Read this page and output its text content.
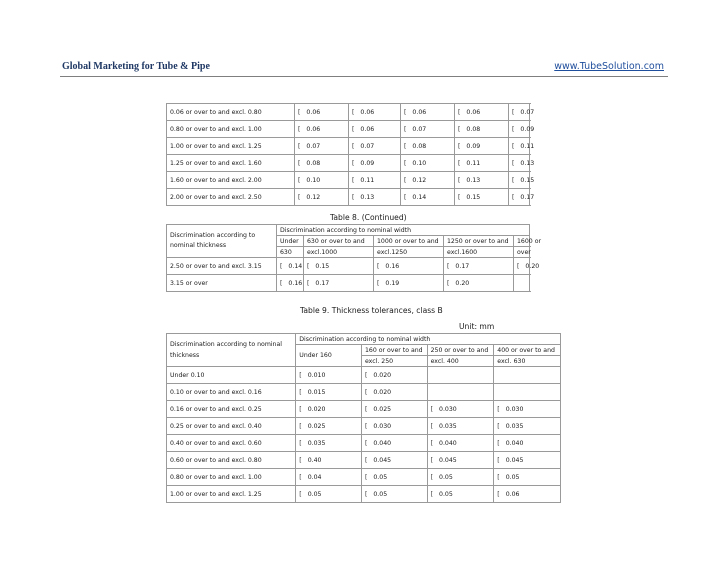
Global Marketing for Tube & Pipe	www.TubeSolution.com
0.06 or over to and excl. 0.80	[ 0.06	[ 0.06	[ 0.06	[ 0.06	[ 0.07
0.80 or over to and excl. 1.00	[ 0.06	[ 0.06	[ 0.07	[ 0.08	[ 0.09
1.00 or over to and excl. 1.25	[ 0.07	[ 0.07	[ 0.08	[ 0.09	[ 0.11
1.25 or over to and excl. 1.60	[ 0.08	[ 0.09	[ 0.10	[ 0.11	[ 0.13
1.60 or over to and excl. 2.00	[ 0.10	[ 0.11	[ 0.12	[ 0.13	[ 0.15
2.00 or over to and excl. 2.50	[ 0.12	[ 0.13	[ 0.14	[ 0.15	[ 0.17
Table 8. (Continued)
Discrimination according to nominal thickness	Discrimination according to nominal width				
	Under	630 or over to and	1000 or over to and	1250 or over to and	1600 or
	630	excl.1000	excl.1250	excl.1600	over
2.50 or over to and excl. 3.15	[ 0.14	[ 0.15	[ 0.16	[ 0.17	[ 0.20
3.15 or over	[ 0.16	[ 0.17	[ 0.19	[ 0.20	
Table 9. Thickness tolerances, class B
Unit: mm
Discrimination according to nominal thickness	Discrimination according to nominal width			
	Under 160	160 or over to and	250 or over to and	400 or over to and
		excl. 250	excl. 400	excl. 630
Under 0.10	[ 0.010	[ 0.020		
0.10 or over to and excl. 0.16	[ 0.015	[ 0.020		
0.16 or over to and excl. 0.25	[ 0.020	[ 0.025	[ 0.030	[ 0.030
0.25 or over to and excl. 0.40	[ 0.025	[ 0.030	[ 0.035	[ 0.035
0.40 or over to and excl. 0.60	[ 0.035	[ 0.040	[ 0.040	[ 0.040
0.60 or over to and excl. 0.80	[ 0.40	[ 0.045	[ 0.045	[ 0.045
0.80 or over to and excl. 1.00	[ 0.04	[ 0.05	[ 0.05	[ 0.05
1.00 or over to and excl. 1.25	[ 0.05	[ 0.05	[ 0.05	[ 0.06
